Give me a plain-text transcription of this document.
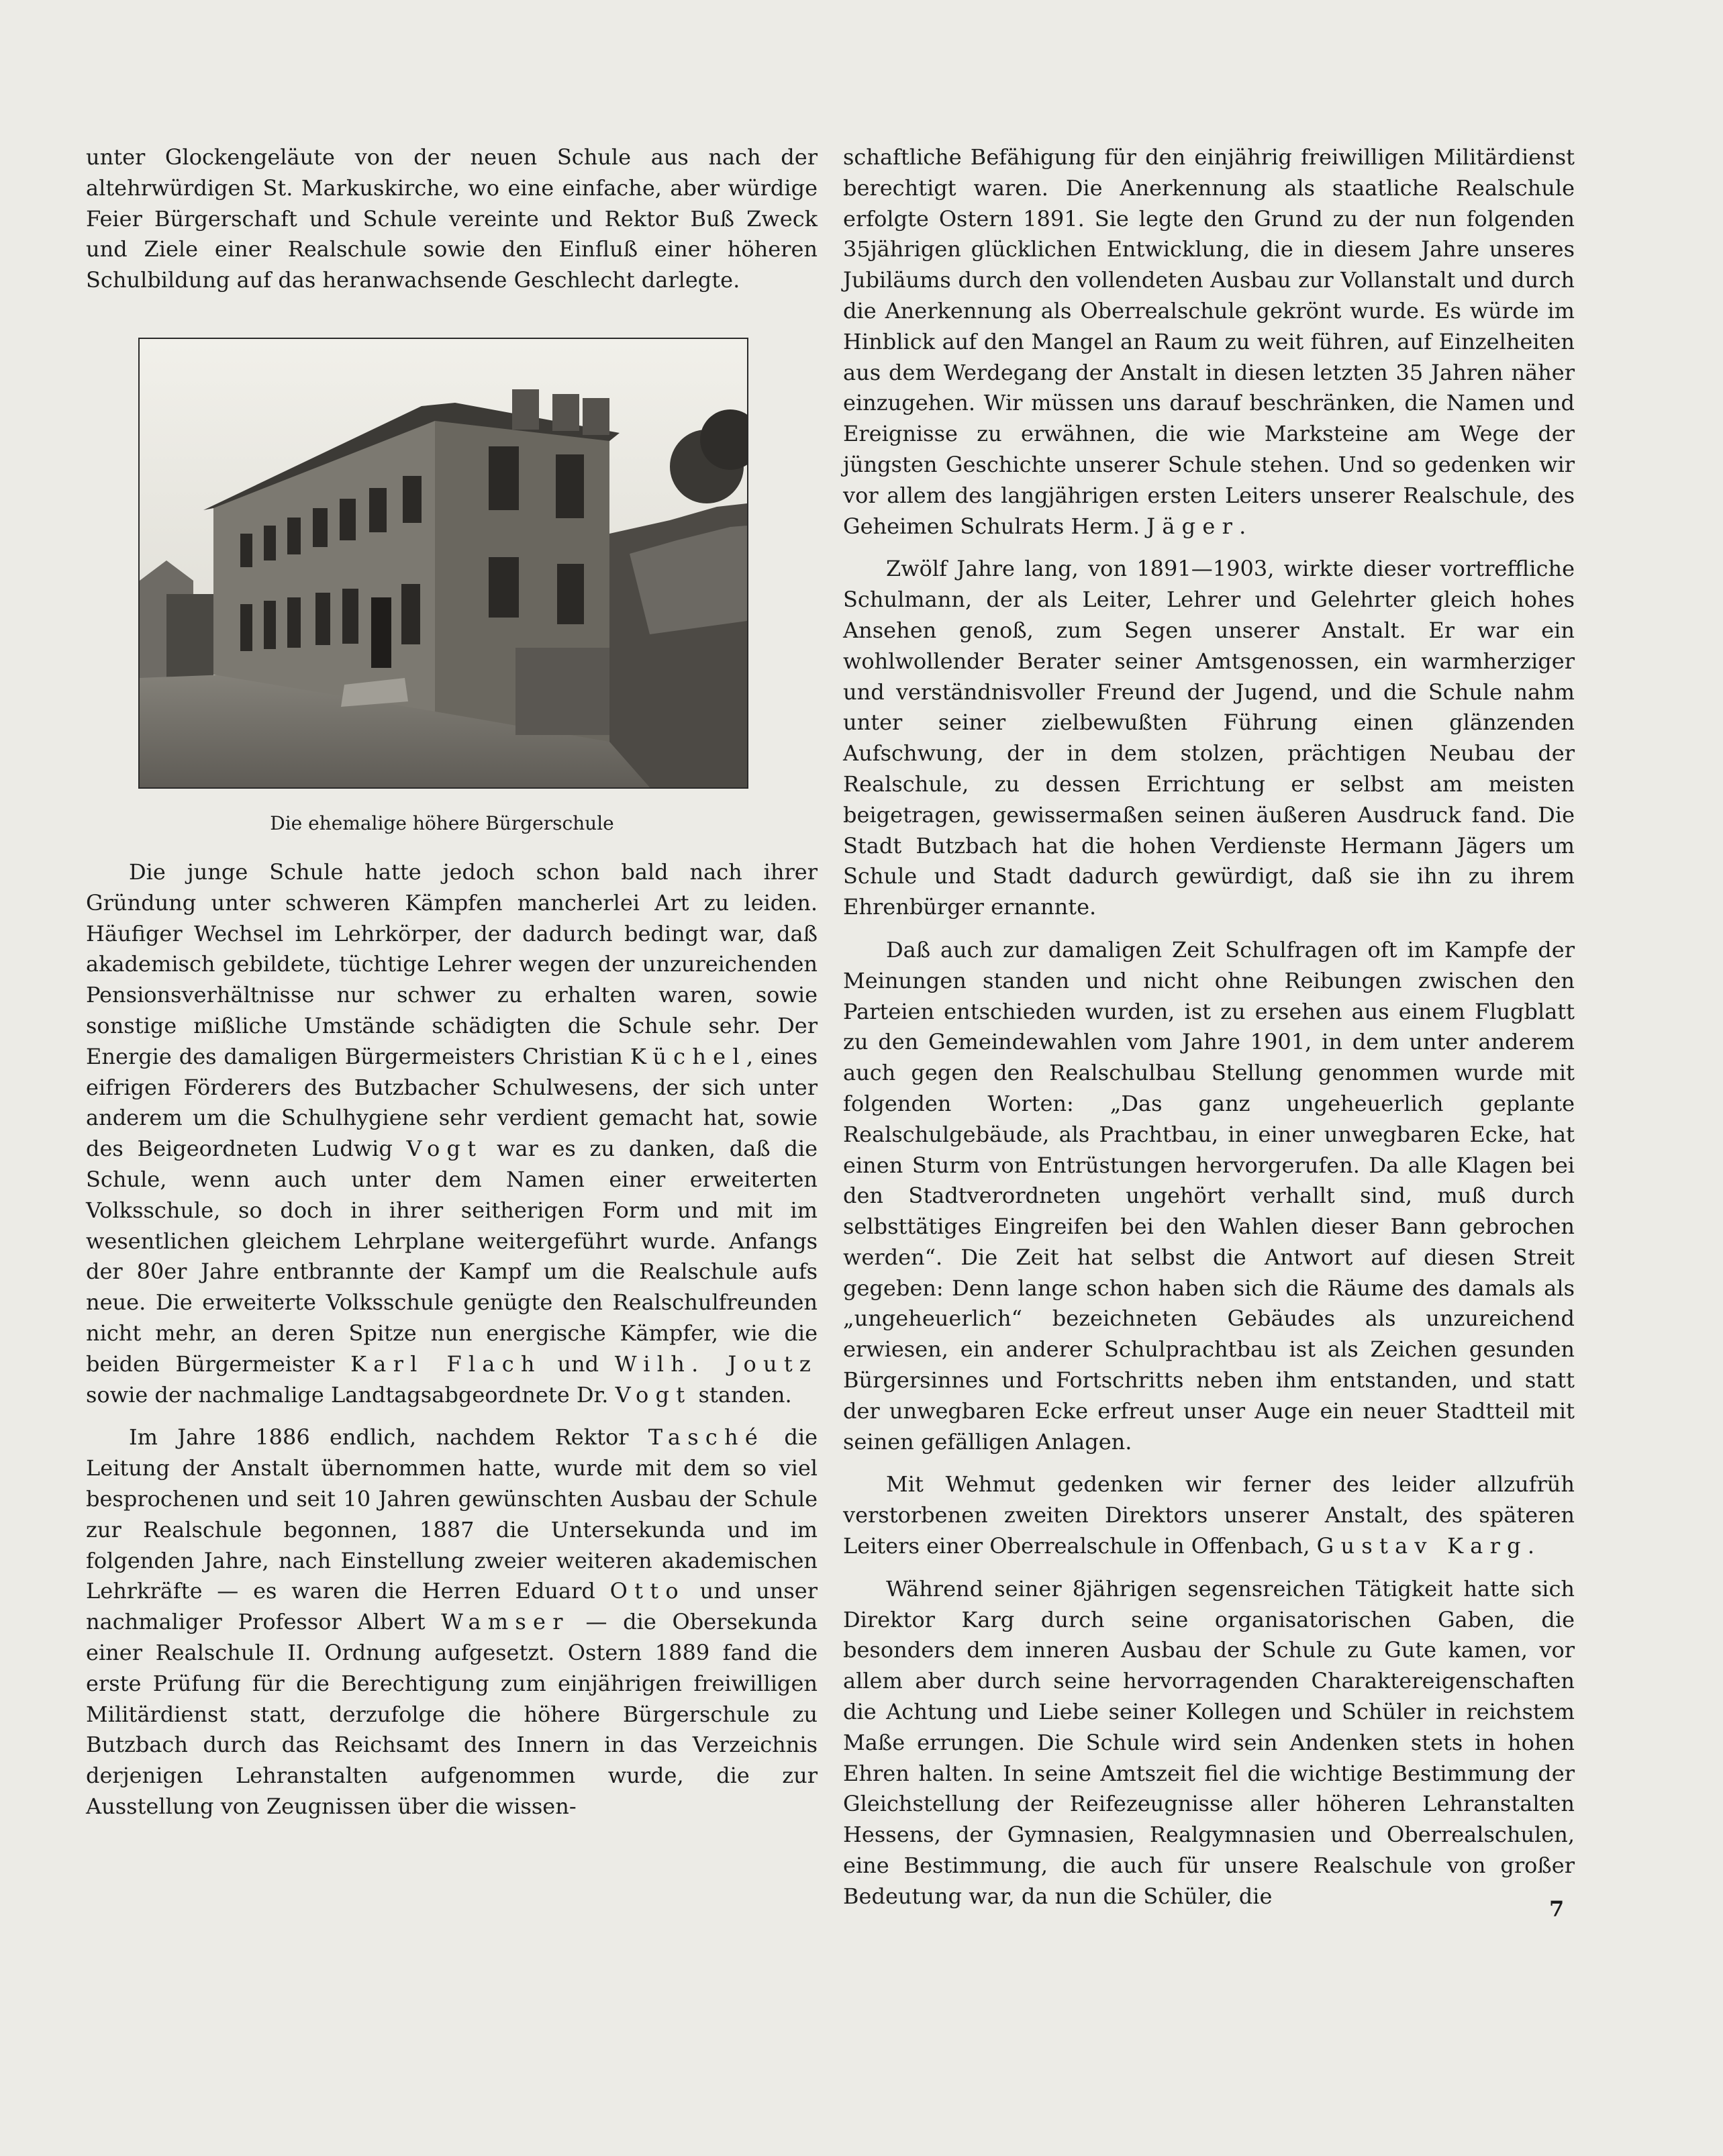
unter Glockengeläute von der neuen Schule aus nach der altehrwürdigen St. Markuskirche, wo eine einfache, aber würdige Feier Bürgerschaft und Schule vereinte und Rektor Buß Zweck und Ziele einer Realschule sowie den Einfluß einer höheren Schulbildung auf das heranwachsende Geschlecht darlegte.

Die ehemalige höhere Bürgerschule

Die junge Schule hatte jedoch schon bald nach ihrer Gründung unter schweren Kämpfen mancherlei Art zu leiden. Häufiger Wechsel im Lehrkörper, der dadurch bedingt war, daß akademisch gebildete, tüchtige Lehrer wegen der unzureichenden Pensionsverhältnisse nur schwer zu erhalten waren, sowie sonstige mißliche Umstände schädigten die Schule sehr. Der Energie des damaligen Bürgermeisters Christian Küchel, eines eifrigen Förderers des Butzbacher Schulwesens, der sich unter anderem um die Schulhygiene sehr verdient gemacht hat, sowie des Beigeordneten Ludwig Vogt war es zu danken, daß die Schule, wenn auch unter dem Namen einer erweiterten Volksschule, so doch in ihrer seitherigen Form und mit im wesentlichen gleichem Lehrplane weitergeführt wurde. Anfangs der 80er Jahre entbrannte der Kampf um die Realschule aufs neue. Die erweiterte Volksschule genügte den Realschulfreunden nicht mehr, an deren Spitze nun energische Kämpfer, wie die beiden Bürgermeister Karl Flach und Wilh. Joutz sowie der nachmalige Landtagsabgeordnete Dr. Vogt standen.

Im Jahre 1886 endlich, nachdem Rektor Tasché die Leitung der Anstalt übernommen hatte, wurde mit dem so viel besprochenen und seit 10 Jahren gewünschten Ausbau der Schule zur Realschule begonnen, 1887 die Untersekunda und im folgenden Jahre, nach Einstellung zweier weiteren akademischen Lehrkräfte — es waren die Herren Eduard Otto und unser nachmaliger Professor Albert Wamser — die Obersekunda einer Realschule II. Ordnung aufgesetzt. Ostern 1889 fand die erste Prüfung für die Berechtigung zum einjährigen freiwilligen Militärdienst statt, derzufolge die höhere Bürgerschule zu Butzbach durch das Reichsamt des Innern in das Verzeichnis derjenigen Lehranstalten aufgenommen wurde, die zur Ausstellung von Zeugnissen über die wissen-

schaftliche Befähigung für den einjährig freiwilligen Militärdienst berechtigt waren. Die Anerkennung als staatliche Realschule erfolgte Ostern 1891. Sie legte den Grund zu der nun folgenden 35jährigen glücklichen Entwicklung, die in diesem Jahre unseres Jubiläums durch den vollendeten Ausbau zur Vollanstalt und durch die Anerkennung als Oberrealschule gekrönt wurde. Es würde im Hinblick auf den Mangel an Raum zu weit führen, auf Einzelheiten aus dem Werdegang der Anstalt in diesen letzten 35 Jahren näher einzugehen. Wir müssen uns darauf beschränken, die Namen und Ereignisse zu erwähnen, die wie Marksteine am Wege der jüngsten Geschichte unserer Schule stehen. Und so gedenken wir vor allem des langjährigen ersten Leiters unserer Realschule, des Geheimen Schulrats Herm. Jäger.

Zwölf Jahre lang, von 1891—1903, wirkte dieser vortreffliche Schulmann, der als Leiter, Lehrer und Gelehrter gleich hohes Ansehen genoß, zum Segen unserer Anstalt. Er war ein wohlwollender Berater seiner Amtsgenossen, ein warmherziger und verständnisvoller Freund der Jugend, und die Schule nahm unter seiner zielbewußten Führung einen glänzenden Aufschwung, der in dem stolzen, prächtigen Neubau der Realschule, zu dessen Errichtung er selbst am meisten beigetragen, gewissermaßen seinen äußeren Ausdruck fand. Die Stadt Butzbach hat die hohen Verdienste Hermann Jägers um Schule und Stadt dadurch gewürdigt, daß sie ihn zu ihrem Ehrenbürger ernannte.

Daß auch zur damaligen Zeit Schulfragen oft im Kampfe der Meinungen standen und nicht ohne Reibungen zwischen den Parteien entschieden wurden, ist zu ersehen aus einem Flugblatt zu den Gemeindewahlen vom Jahre 1901, in dem unter anderem auch gegen den Realschulbau Stellung genommen wurde mit folgenden Worten: „Das ganz ungeheuerlich geplante Realschulgebäude, als Prachtbau, in einer unwegbaren Ecke, hat einen Sturm von Entrüstungen hervorgerufen. Da alle Klagen bei den Stadtverordneten ungehört verhallt sind, muß durch selbsttätiges Eingreifen bei den Wahlen dieser Bann gebrochen werden“. Die Zeit hat selbst die Antwort auf diesen Streit gegeben: Denn lange schon haben sich die Räume des damals als „ungeheuerlich“ bezeichneten Gebäudes als unzureichend erwiesen, ein anderer Schulprachtbau ist als Zeichen gesunden Bürgersinnes und Fortschritts neben ihm entstanden, und statt der unwegbaren Ecke erfreut unser Auge ein neuer Stadtteil mit seinen gefälligen Anlagen.

Mit Wehmut gedenken wir ferner des leider allzufrüh verstorbenen zweiten Direktors unserer Anstalt, des späteren Leiters einer Oberrealschule in Offenbach, Gustav Karg.

Während seiner 8jährigen segensreichen Tätigkeit hatte sich Direktor Karg durch seine organisatorischen Gaben, die besonders dem inneren Ausbau der Schule zu Gute kamen, vor allem aber durch seine hervorragenden Charaktereigenschaften die Achtung und Liebe seiner Kollegen und Schüler in reichstem Maße errungen. Die Schule wird sein Andenken stets in hohen Ehren halten. In seine Amtszeit fiel die wichtige Bestimmung der Gleichstellung der Reifezeugnisse aller höheren Lehranstalten Hessens, der Gymnasien, Realgymnasien und Oberrealschulen, eine Bestimmung, die auch für unsere Realschule von großer Bedeutung war, da nun die Schüler, die

7
